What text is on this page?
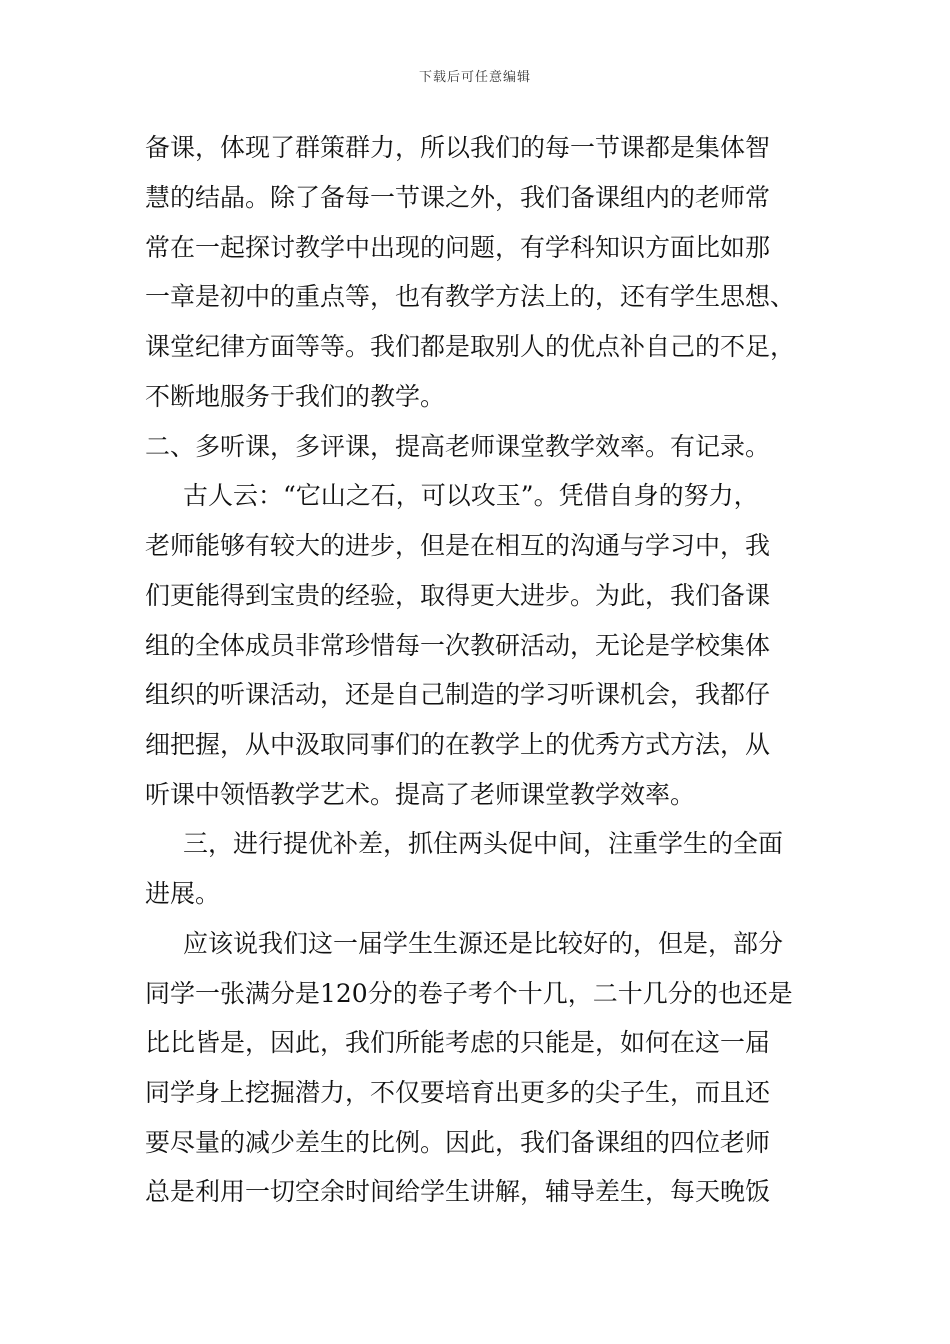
下载后可任意编辑
备课，体现了群策群力，所以我们的每一节课都是集体智
慧的结晶。除了备每一节课之外，我们备课组内的老师常
常在一起探讨教学中出现的问题，有学科知识方面比如那
一章是初中的重点等，也有教学方法上的，还有学生思想、
课堂纪律方面等等。我们都是取别人的优点补自己的不足，
不断地服务于我们的教学。
二、多听课，多评课，提高老师课堂教学效率。有记录。
古人云：“它山之石，可以攻玉”。凭借自身的努力，
老师能够有较大的进步，但是在相互的沟通与学习中，我
们更能得到宝贵的经验，取得更大进步。为此，我们备课
组的全体成员非常珍惜每一次教研活动，无论是学校集体
组织的听课活动，还是自己制造的学习听课机会，我都仔
细把握，从中汲取同事们的在教学上的优秀方式方法，从
听课中领悟教学艺术。提高了老师课堂教学效率。
三，进行提优补差，抓住两头促中间，注重学生的全面
进展。
应该说我们这一届学生生源还是比较好的，但是，部分
同学一张满分是120分的卷子考个十几，二十几分的也还是
比比皆是，因此，我们所能考虑的只能是，如何在这一届
同学身上挖掘潜力，不仅要培育出更多的尖子生，而且还
要尽量的减少差生的比例。因此，我们备课组的四位老师
总是利用一切空余时间给学生讲解，辅导差生，每天晚饭
